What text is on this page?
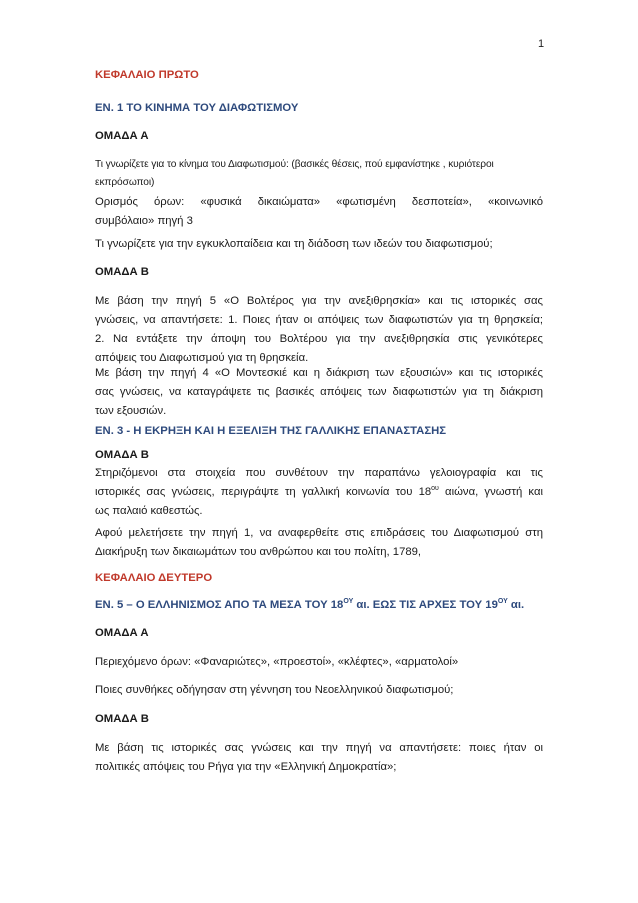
1
ΚΕΦΑΛΑΙΟ ΠΡΩΤΟ
ΕΝ. 1 ΤΟ ΚΙΝΗΜΑ ΤΟΥ ΔΙΑΦΩΤΙΣΜΟΥ
ΟΜΑΔΑ Α
Τι γνωρίζετε για το κίνημα του Διαφωτισμού: (βασικές θέσεις, πού εμφανίστηκε , κυριότεροι
εκπρόσωποι)
Ορισμός όρων: «φυσικά δικαιώματα» «φωτισμένη δεσποτεία», «κοινωνικό
συμβόλαιο» πηγή 3
Τι γνωρίζετε για την εγκυκλοπαίδεια και τη διάδοση των ιδεών του διαφωτισμού;
ΟΜΑΔΑ Β
Με βάση την πηγή 5 «Ο Βολτέρος για την ανεξιθρησκία» και τις ιστορικές σας
γνώσεις, να απαντήσετε: 1. Ποιες ήταν οι απόψεις των διαφωτιστών για τη θρησκεία;
2. Να εντάξετε την άποψη του Βολτέρου για την ανεξιθρησκία στις γενικότερες
απόψεις του Διαφωτισμού για τη θρησκεία.
Με βάση την πηγή 4 «Ο Μοντεσκιέ και η διάκριση των εξουσιών» και τις ιστορικές
σας γνώσεις, να καταγράψετε τις βασικές απόψεις των διαφωτιστών για τη διάκριση
των εξουσιών.
ΕΝ. 3 - Η ΕΚΡΗΞΗ ΚΑΙ Η ΕΞΕΛΙΞΗ ΤΗΣ ΓΑΛΛΙΚΗΣ ΕΠΑΝΑΣΤΑΣΗΣ
ΟΜΑΔΑ Β
Στηριζόμενοι στα στοιχεία που συνθέτουν την παραπάνω γελοιογραφία και τις
ιστορικές σας γνώσεις, περιγράψτε τη γαλλική κοινωνία του $18^{o\upsilon}$ αιώνα, γνωστή και
ως παλαιό καθεστώς.
Αφού μελετήσετε την πηγή 1, να αναφερθείτε στις επιδράσεις του Διαφωτισμού στη
Διακήρυξη των δικαιωμάτων του ανθρώπου και του πολίτη, 1789,
ΚΕΦΑΛΑΙΟ ΔΕΥΤΕΡΟ
ΕΝ. 5 – Ο ΕΛΛΗΝΙΣΜΟΣ ΑΠΟ ΤΑ ΜΕΣΑ ΤΟΥ $18^{O\Upsilon}$ αι. ΕΩΣ ΤΙΣ ΑΡΧΕΣ ΤΟΥ $19^{O\Upsilon}$ αι.
ΟΜΑΔΑ Α
Περιεχόμενο όρων: «Φαναριώτες», «προεστοί», «κλέφτες», «αρματολοί»
Ποιες συνθήκες οδήγησαν στη γέννηση του Νεοελληνικού διαφωτισμού;
ΟΜΑΔΑ Β
Με βάση τις ιστορικές σας γνώσεις και την πηγή να απαντήσετε: ποιες ήταν οι
πολιτικές απόψεις του Ρήγα για την «Ελληνική Δημοκρατία»;
